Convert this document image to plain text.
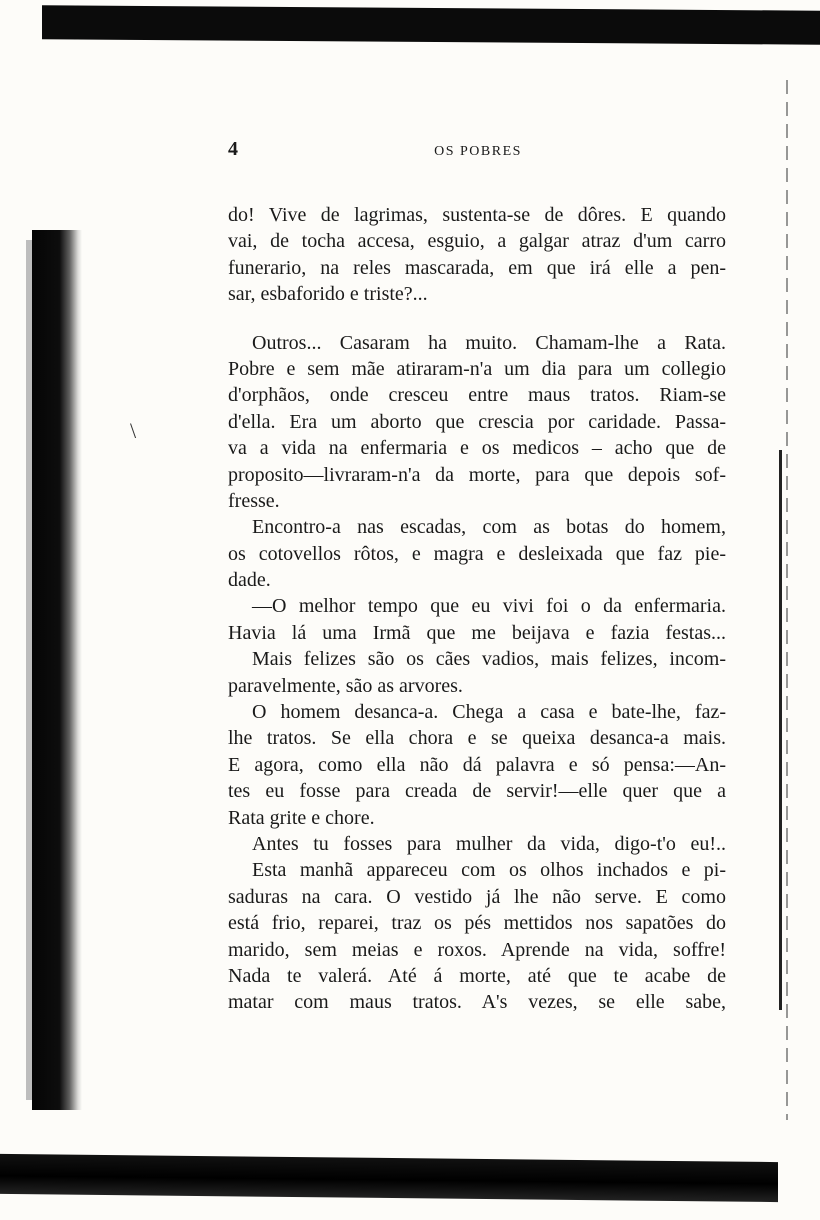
\
4	OS POBRES
do! Vive de lagrimas, sustenta-se de dôres. E quando
vai, de tocha accesa, esguio, a galgar atraz d'um carro
funerario, na reles mascarada, em que irá elle a pen-
sar, esbaforido e triste?...
Outros... Casaram ha muito. Chamam-lhe a Rata.
Pobre e sem mãe atiraram-n'a um dia para um collegio
d'orphãos, onde cresceu entre maus tratos. Riam-se
d'ella. Era um aborto que crescia por caridade. Passa-
va a vida na enfermaria e os medicos – acho que de
proposito—livraram-n'a da morte, para que depois sof-
fresse.
Encontro-a nas escadas, com as botas do homem,
os cotovellos rôtos, e magra e desleixada que faz pie-
dade.
—O melhor tempo que eu vivi foi o da enfermaria.
Havia lá uma Irmã que me beijava e fazia festas...
Mais felizes são os cães vadios, mais felizes, incom-
paravelmente, são as arvores.
O homem desanca-a. Chega a casa e bate-lhe, faz-
lhe tratos. Se ella chora e se queixa desanca-a mais.
E agora, como ella não dá palavra e só pensa:—An-
tes eu fosse para creada de servir!—elle quer que a
Rata grite e chore.
Antes tu fosses para mulher da vida, digo-t'o eu!..
Esta manhã appareceu com os olhos inchados e pi-
saduras na cara. O vestido já lhe não serve. E como
está frio, reparei, traz os pés mettidos nos sapatões do
marido, sem meias e roxos. Aprende na vida, soffre!
Nada te valerá. Até á morte, até que te acabe de
matar com maus tratos. A's vezes, se elle sabe,
